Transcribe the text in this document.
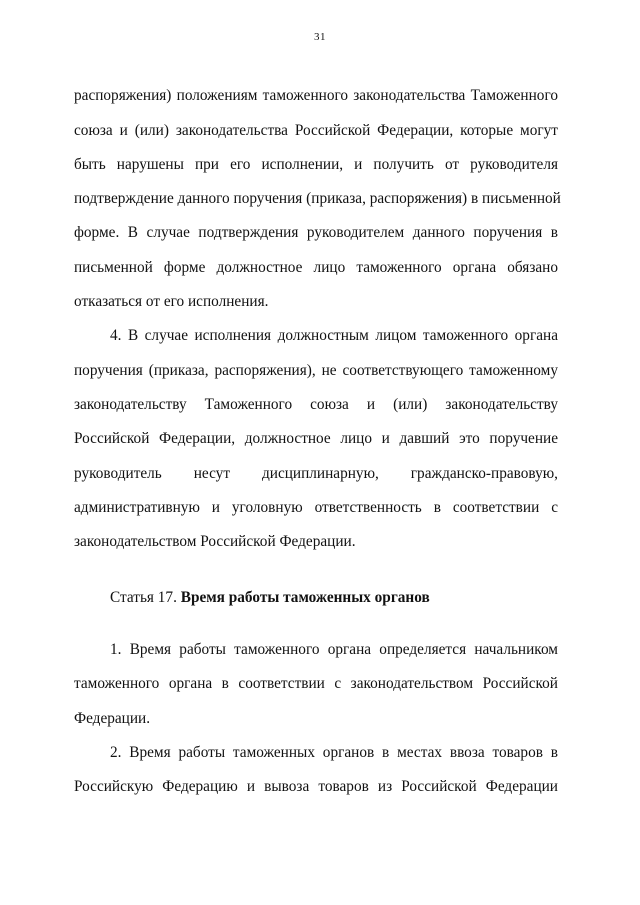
31
распоряжения) положениям таможенного законодательства Таможенного
союза и (или) законодательства Российской Федерации, которые могут
быть нарушены при его исполнении, и получить от руководителя
подтверждение данного поручения (приказа, распоряжения) в письменной
форме. В случае подтверждения руководителем данного поручения в
письменной форме должностное лицо таможенного органа обязано
отказаться от его исполнения.
4. В случае исполнения должностным лицом таможенного органа
поручения (приказа, распоряжения), не соответствующего таможенному
законодательству Таможенного союза и (или) законодательству
Российской Федерации, должностное лицо и давший это поручение
руководитель несут дисциплинарную, гражданско-правовую,
административную и уголовную ответственность в соответствии с
законодательством Российской Федерации.
Статья 17. Время работы таможенных органов
1. Время работы таможенного органа определяется начальником
таможенного органа в соответствии с законодательством Российской
Федерации.
2. Время работы таможенных органов в местах ввоза товаров в
Российскую Федерацию и вывоза товаров из Российской Федерации
